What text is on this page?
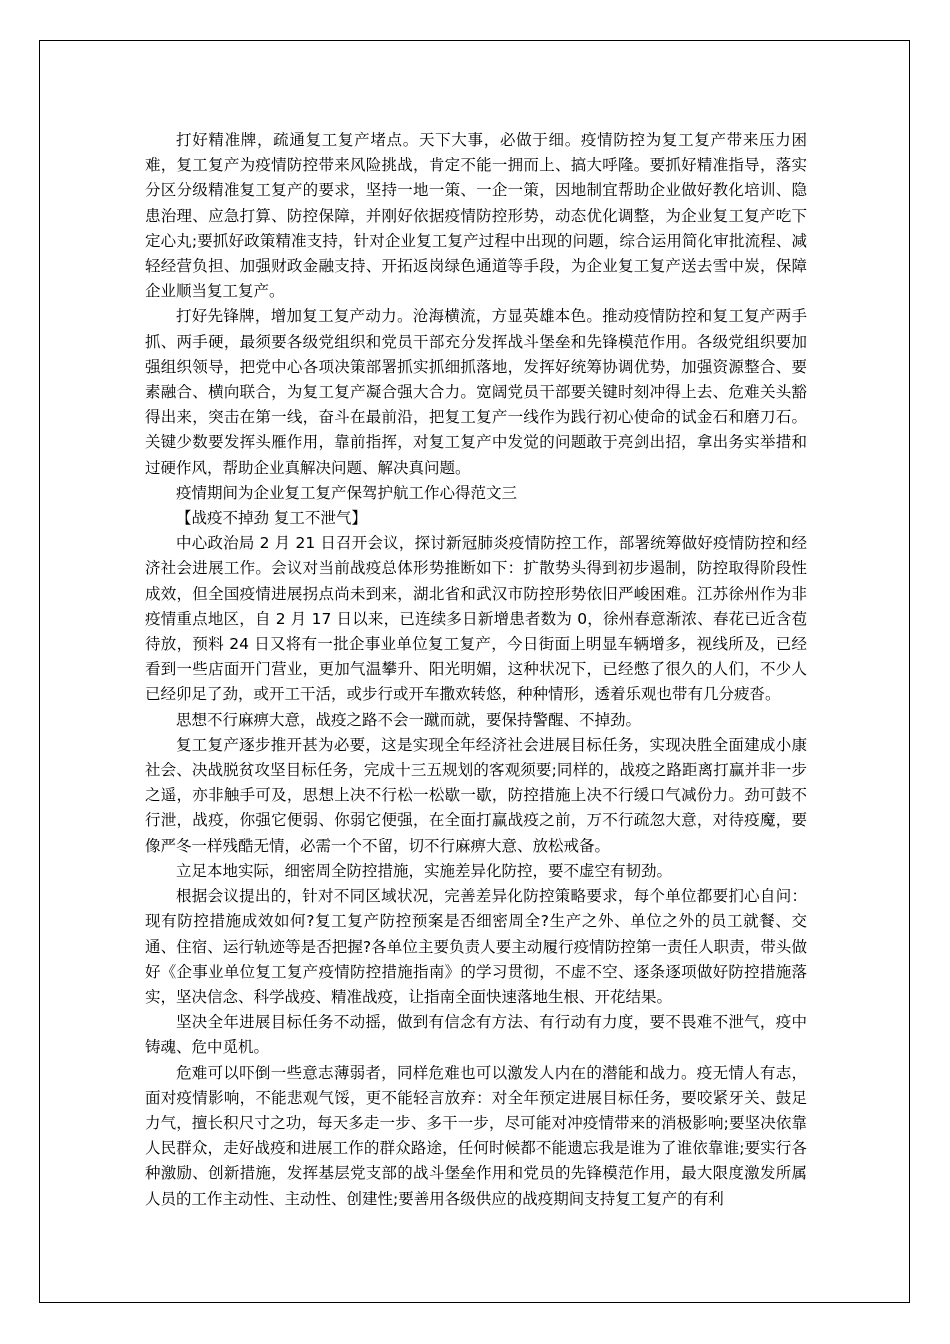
打好精准牌，疏通复工复产堵点。天下大事，必做于细。疫情防控为复工复产带来压力困难，复工复产为疫情防控带来风险挑战，肯定不能一拥而上、搞大呼隆。要抓好精准指导，落实分区分级精准复工复产的要求，坚持一地一策、一企一策，因地制宜帮助企业做好教化培训、隐患治理、应急打算、防控保障，并刚好依据疫情防控形势，动态优化调整，为企业复工复产吃下定心丸;要抓好政策精准支持，针对企业复工复产过程中出现的问题，综合运用简化审批流程、减轻经营负担、加强财政金融支持、开拓返岗绿色通道等手段，为企业复工复产送去雪中炭，保障企业顺当复工复产。

打好先锋牌，增加复工复产动力。沧海横流，方显英雄本色。推动疫情防控和复工复产两手抓、两手硬，最须要各级党组织和党员干部充分发挥战斗堡垒和先锋模范作用。各级党组织要加强组织领导，把党中心各项决策部署抓实抓细抓落地，发挥好统筹协调优势，加强资源整合、要素融合、横向联合，为复工复产凝合强大合力。宽阔党员干部要关键时刻冲得上去、危难关头豁得出来，突击在第一线，奋斗在最前沿，把复工复产一线作为践行初心使命的试金石和磨刀石。关键少数要发挥头雁作用，靠前指挥，对复工复产中发觉的问题敢于亮剑出招，拿出务实举措和过硬作风，帮助企业真解决问题、解决真问题。

疫情期间为企业复工复产保驾护航工作心得范文三

【战疫不掉劲 复工不泄气】

中心政治局 2 月 21 日召开会议，探讨新冠肺炎疫情防控工作，部署统筹做好疫情防控和经济社会进展工作。会议对当前战疫总体形势推断如下：扩散势头得到初步遏制，防控取得阶段性成效，但全国疫情进展拐点尚未到来，湖北省和武汉市防控形势依旧严峻困难。江苏徐州作为非疫情重点地区，自 2 月 17 日以来，已连续多日新增患者数为 0，徐州春意渐浓、春花已近含苞待放，预料 24 日又将有一批企事业单位复工复产，今日街面上明显车辆增多，视线所及，已经看到一些店面开门营业，更加气温攀升、阳光明媚，这种状况下，已经憋了很久的人们，不少人已经卯足了劲，或开工干活，或步行或开车撒欢转悠，种种情形，透着乐观也带有几分疲沓。

思想不行麻痹大意，战疫之路不会一蹴而就，要保持警醒、不掉劲。

复工复产逐步推开甚为必要，这是实现全年经济社会进展目标任务，实现决胜全面建成小康社会、决战脱贫攻坚目标任务，完成十三五规划的客观须要;同样的，战疫之路距离打赢并非一步之遥，亦非触手可及，思想上决不行松一松歇一歇，防控措施上决不行缓口气减份力。劲可鼓不行泄，战疫，你强它便弱、你弱它便强，在全面打赢战疫之前，万不行疏忽大意，对待疫魔，要像严冬一样残酷无情，必需一个不留，切不行麻痹大意、放松戒备。

立足本地实际，细密周全防控措施，实施差异化防控，要不虚空有韧劲。

根据会议提出的，针对不同区域状况，完善差异化防控策略要求，每个单位都要扪心自问：现有防控措施成效如何?复工复产防控预案是否细密周全?生产之外、单位之外的员工就餐、交通、住宿、运行轨迹等是否把握?各单位主要负责人要主动履行疫情防控第一责任人职责，带头做好《企事业单位复工复产疫情防控措施指南》的学习贯彻，不虚不空、逐条逐项做好防控措施落实，坚决信念、科学战疫、精准战疫，让指南全面快速落地生根、开花结果。

坚决全年进展目标任务不动摇，做到有信念有方法、有行动有力度，要不畏难不泄气，疫中铸魂、危中觅机。

危难可以吓倒一些意志薄弱者，同样危难也可以激发人内在的潜能和战力。疫无情人有志，面对疫情影响，不能悲观气馁，更不能轻言放弃：对全年预定进展目标任务，要咬紧牙关、鼓足力气，擅长积尺寸之功，每天多走一步、多干一步，尽可能对冲疫情带来的消极影响;要坚决依靠人民群众，走好战疫和进展工作的群众路途，任何时候都不能遗忘我是谁为了谁依靠谁;要实行各种激励、创新措施，发挥基层党支部的战斗堡垒作用和党员的先锋模范作用，最大限度激发所属人员的工作主动性、主动性、创建性;要善用各级供应的战疫期间支持复工复产的有利
